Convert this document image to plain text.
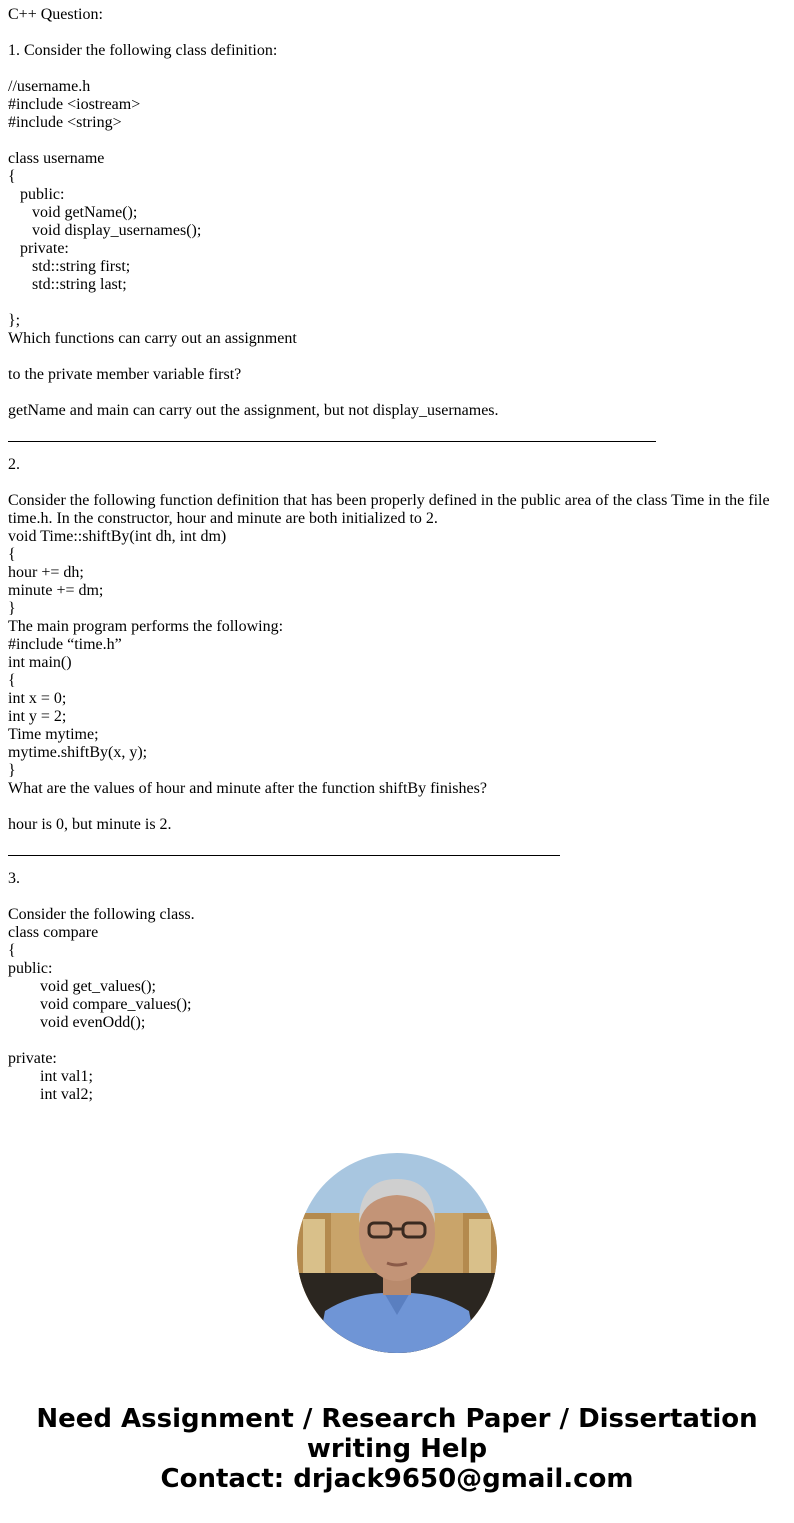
C++ Question:
1. Consider the following class definition:
//username.h
#include <iostream>
#include <string>
class username
{
public:
void getName();
void display_usernames();
private:
std::string first;
std::string last;
};
Which functions can carry out an assignment
to the private member variable first?
getName and main can carry out the assignment, but not display_usernames.
2.
Consider the following function definition that has been properly defined in the public area of the class Time in the file time.h. In the constructor, hour and minute are both initialized to 2.
void Time::shiftBy(int dh, int dm)
{
hour += dh;
minute += dm;
}
The main program performs the following:
#include “time.h”
int main()
{
int x = 0;
int y = 2;
Time mytime;
mytime.shiftBy(x, y);
}
What are the values of hour and minute after the function shiftBy finishes?
hour is 0, but minute is 2.
3.
Consider the following class.
class compare
{
public:
void get_values();
void compare_values();
void evenOdd();
private:
int val1;
int val2;
Need Assignment / Research Paper / Dissertation
writing Help
Contact: drjack9650@gmail.com
